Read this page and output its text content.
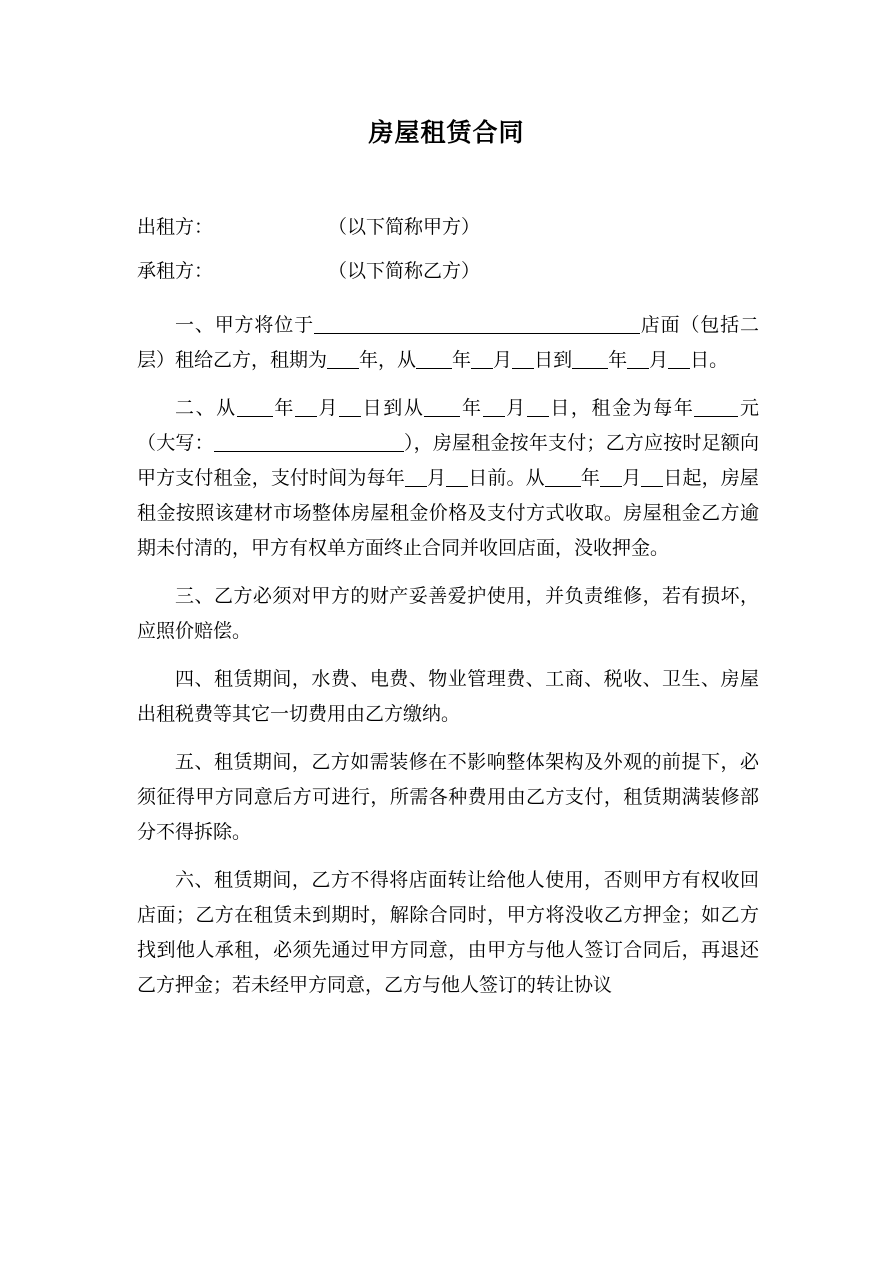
房屋租赁合同
出租方：	（以下简称甲方）
承租方：	（以下简称乙方）

一、甲方将位于	店面（包括二层）租给乙方，租期为 年，从 年 月 日到 年 月 日。

二、从 年 月 日到从 年 月 日，租金为每年 元（大写：	），房屋租金按年支付；乙方应按时足额向甲方支付租金，支付时间为每年 月 日前。从 年 月 日起，房屋租金按照该建材市场整体房屋租金价格及支付方式收取。房屋租金乙方逾期未付清的，甲方有权单方面终止合同并收回店面，没收押金。

三、乙方必须对甲方的财产妥善爱护使用，并负责维修，若有损坏，应照价赔偿。

四、租赁期间，水费、电费、物业管理费、工商、税收、卫生、房屋出租税费等其它一切费用由乙方缴纳。

五、租赁期间，乙方如需装修在不影响整体架构及外观的前提下，必须征得甲方同意后方可进行，所需各种费用由乙方支付，租赁期满装修部分不得拆除。

六、租赁期间，乙方不得将店面转让给他人使用，否则甲方有权收回店面；乙方在租赁未到期时，解除合同时，甲方将没收乙方押金；如乙方找到他人承租，必须先通过甲方同意，由甲方与他人签订合同后，再退还乙方押金；若未经甲方同意，乙方与他人签订的转让协议
